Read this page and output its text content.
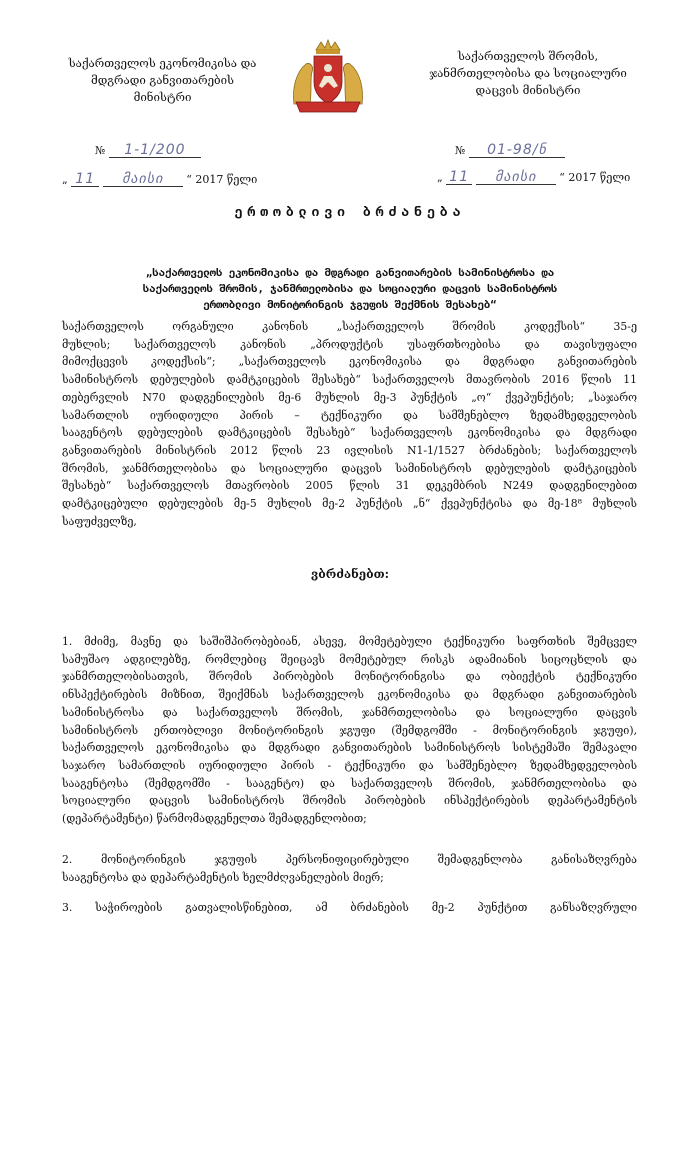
საქართველოს ეკონომიკისა და
მდგრადი განვითარების
მინისტრი
საქართველოს შრომის,
ჯანმრთელობისა და სოციალური
დაცვის მინისტრი
№ 1-1/200
„ 11 მაისი “ 2017 წელი
№ 01-98/ნ
„ 11 მაისი “ 2017 წელი
ერთობლივი ბრძანება
„საქართველოს ეკონომიკისა და მდგრადი განვითარების სამინისტროსა და
საქართველოს შრომის, ჯანმრთელობისა და სოციალური დაცვის სამინისტროს
ერთობლივი მონიტორინგის ჯგუფის შექმნის შესახებ“
საქართველოს ორგანული კანონის „საქართველოს შრომის კოდექსის“ 35-ე
მუხლის; საქართველოს კანონის „პროდუქტის უსაფრთხოებისა და თავისუფალი
მიმოქცევის კოდექსის“; „საქართველოს ეკონომიკისა და მდგრადი განვითარების
სამინისტროს დებულების დამტკიცების შესახებ“ საქართველოს მთავრობის 2016 წლის 11
თებერვლის N70 დადგენილების მე-6 მუხლის მე-3 პუნქტის „ო“ ქვეპუნქტის; „საჯარო
სამართლის იურიდიული პირის – ტექნიკური და სამშენებლო ზედამხედველობის
სააგენტოს დებულების დამტკიცების შესახებ“ საქართველოს ეკონომიკისა და მდგრადი
განვითარების მინისტრის 2012 წლის 23 ივლისის N1-1/1527 ბრძანების; საქართველოს
შრომის, ჯანმრთელობისა და სოციალური დაცვის სამინისტროს დებულების დამტკიცების
შესახებ“ საქართველოს მთავრობის 2005 წლის 31 დეკემბრის N249 დადგენილებით
დამტკიცებული დებულების მე-5 მუხლის მე-2 პუნქტის „ნ“ ქვეპუნქტისა და მე-18⁸ მუხლის
საფუძველზე,
ვბრძანებთ:
1. მძიმე, მავნე და საშიშპირობებიან, ასევე, მომეტებული ტექნიკური საფრთხის შემცველ
სამუშაო ადგილებზე, რომლებიც შეიცავს მომეტებულ რისკს ადამიანის სიცოცხლის და
ჯანმრთელობისათვის, შრომის პირობების მონიტორინგისა და ობიექტის ტექნიკური
ინსპექტირების მიზნით, შეიქმნას საქართველოს ეკონომიკისა და მდგრადი განვითარების
სამინისტროსა და საქართველოს შრომის, ჯანმრთელობისა და სოციალური დაცვის
სამინისტროს ერთობლივი მონიტორინგის ჯგუფი (შემდგომში - მონიტორინგის ჯგუფი),
საქართველოს ეკონომიკისა და მდგრადი განვითარების სამინისტროს სისტემაში შემავალი
საჯარო სამართლის იურიდიული პირის - ტექნიკური და სამშენებლო ზედამხედველობის
სააგენტოსა (შემდგომში - სააგენტო) და საქართველოს შრომის, ჯანმრთელობისა და
სოციალური დაცვის სამინისტროს შრომის პირობების ინსპექტირების დეპარტამენტის
(დეპარტამენტი) წარმომადგენელთა შემადგენლობით;
2. მონიტორინგის ჯგუფის პერსონიფიცირებული შემადგენლობა განისაზღვრება
სააგენტოსა და დეპარტამენტის ხელმძღვანელების მიერ;
3. საჭიროების გათვალისწინებით, ამ ბრძანების მე-2 პუნქტით განსაზღვრული
